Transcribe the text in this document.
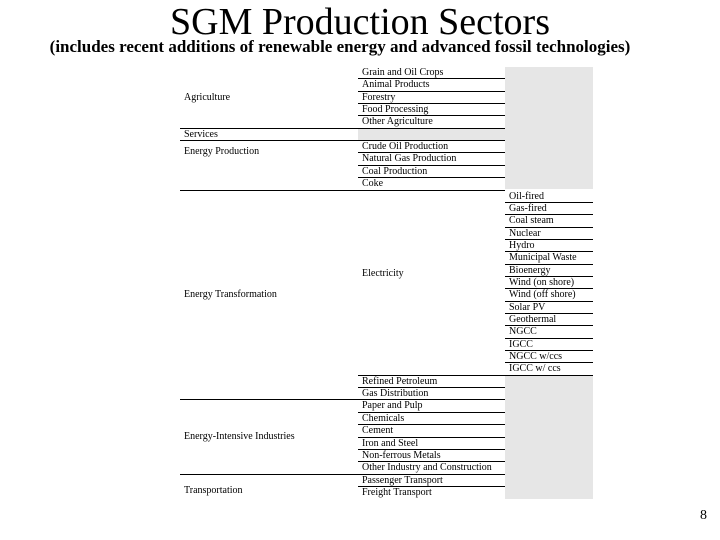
SGM Production Sectors
(includes recent additions of renewable energy and advanced fossil technologies)
Agriculture
Grain and Oil Crops
Animal Products
Forestry
Food Processing
Other Agriculture
Services
Energy Production	Crude Oil Production
Natural Gas Production
Coal Production
Coke
Energy Transformation
Electricity
Oil-fired
Gas-fired
Coal steam
Nuclear
Hydro
Municipal Waste
Bioenergy
Wind (on shore)
Wind (off shore)
Solar PV
Geothermal
NGCC
IGCC
NGCC w/ccs
IGCC w/ ccs
Refined Petroleum
Gas Distribution
Energy-Intensive Industries
Paper and Pulp
Chemicals
Cement
Iron and Steel
Non-ferrous Metals
Other Industry and Construction
Transportation
Passenger Transport
Freight Transport
8
